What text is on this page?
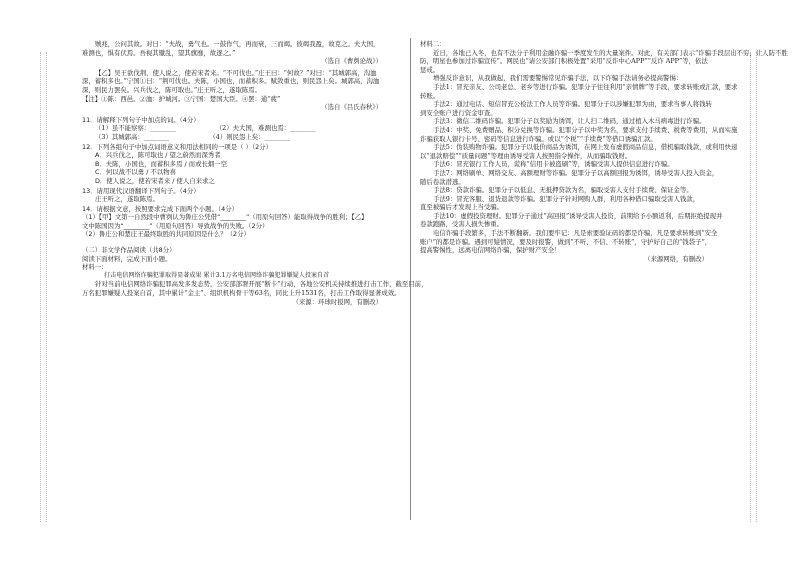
贼兆，公问其故。对曰：“夫战，勇气也。一鼓作气，再而衰，三而竭。彼竭我盈，故克之。夫大国，

难测也，惧有伏焉。吾视其辙乱，望其旗靡，故逐之。”

（选自《曹刿论战》）

【乙】吴王欲伐荆，使人说之，使若宋者来。“不可伐也。”庄王曰：“何故？”对曰：“其城郭高，沟洫

深，蓄积多也。”宁国①曰：“荆可伐也。夫陈，小国也，而蓄积多。赋敛重也，则民怨上矣。城郭高，沟洫

深，则民力罢矣。兴兵伐之，陈可取也。”庄王听之，遂取陈焉。

【注】①陈：西邑。②洫：护城河。③宁国：楚国大臣。④罢：通“疲”

（选自《吕氏春秋》）

11．请解释下列句子中加点的词。（4分）

（1）虽不能察察：________	（2）夫大国，难测也焉：________

（3）其城郭高：________	（4）则民怨上矣：________

12．下列各组句子中加点词语意义和用法相同的一项是（ ）（2分）

A．兴兵伐之，陈可取也 / 望之蔚然而深秀者

B．夫陈，小国也，而蓄积多焉 / 而或长烟一空

C．何以战不以勇 / 不以物喜

D．使人说之，使若宋者来 / 使人自来求之

13．请用现代汉语翻译下列句子。（4分）

庄王听之，遂取陈焉。

14．请根据文意，按照要求完成下面两个小题。（4分）

（1）【甲】文第一自然段中曹刿认为鲁庄公凭借“________”（用原句回答）能取得战争的胜利；【乙】

文中陈国因为“________”（用原句回答）导致战争的失败。（2分）

（2）鲁庄公和楚庄王最终取胜的共同原因是什么？（2分）

（二）非文学作品阅读（共8分）

阅读下面材料，完成下面小题。

材料一：

打击电信网络诈骗犯罪取得显著成果 累计3.1万名电信网络诈骗犯罪嫌疑人投案自首

针对当前电信网络诈骗犯罪高发多发态势，公安部部署开展“断卡”行动，各地公安机关持续推进打击工作，截至目前，

万名犯罪嫌疑人投案自首，其中累计“金主”、组织机构骨干等63名，同比上升1531名，打击工作取得显著成效。

（来源：环球时报网，有删改）

材料二：

近日，各地已入冬，也有不法分子利用金融诈骗一季度发生的大量案件。对此，有关部门表示“诈骗手段层出不穷，让人防不胜

防，明星也参加过诈骗宣传”。网民也“请公安部门积极处置”采用“反诈中心APP”“反诈 APP”等，依法

惩戒。

增强反诈意识，从我做起，我们需要警惕常见诈骗手法，以下诈骗手法请务必提高警惕：

手法1：冒充亲友、公司老总、老乡等进行诈骗。犯罪分子往往利用“亲情牌”等手段，要求转账或汇款，要求

转账。

手法2：通过电话、短信冒充公检法工作人员等诈骗。犯罪分子以涉嫌犯罪为由，要求当事人将钱转

到安全账户进行资金审查。

手法3：微信二维码诈骗。犯罪分子以奖励为诱饵，让人扫二维码，通过植入木马病毒进行诈骗。

手法4：中奖、免费赠品、积分兑换等诈骗。犯罪分子以中奖为名，要求支付手续费、税费等费用，从而实施

诈骗获取人银行卡号、密码等信息进行诈骗。或以“个税”“手续费”等借口诱骗汇款。

手法5：伪装购物诈骗。犯罪分子以低价商品为诱饵，在网上发布虚假商品信息，借机骗取钱款，或利用快递

以“退款赔偿”“质量问题”等理由诱导受害人按照指令操作，从而骗取钱财。

手法6：冒充银行工作人员，谎称“信用卡被盗刷”等，诱骗受害人提供信息进行诈骗。

手法7：网络刷单、网络交友、高额理财等诈骗。犯罪分子以高额回报为诱饵，诱导受害人投入资金，

随后卷款潜逃。

手法8：贷款诈骗。犯罪分子以低息、无抵押贷款为名，骗取受害人支付手续费、保证金等。

手法9：冒充客服、退货退款等诈骗。犯罪分子针对网购人群，利用各种借口骗取受害人钱款，

直至被骗后才发现上当受骗。

手法10：虚假投资理财。犯罪分子通过“高回报”诱导受害人投资，前期给予小额返利，后期拒绝提现并

卷款跑路，受害人损失惨重。

电信诈骗手段繁多，手法不断翻新。我们要牢记：凡是索要验证码的都是诈骗，凡是要求转账到“安全

账户”的都是诈骗。遇到可疑情况，要及时报警，做到“不听、不信、不转账”，守护好自己的“钱袋子”，

提高警惕性，远离电信网络诈骗，保护财产安全！

（来源网络，有删改）
